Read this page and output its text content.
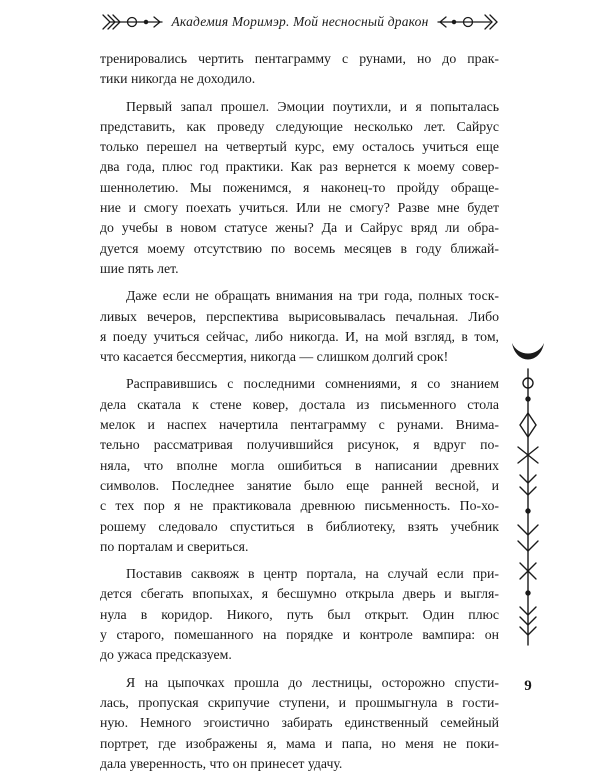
Академия Моримэр. Мой несносный дракон

тренировались чертить пентаграмму с рунами, но до прак-
тики никогда не доходило.

Первый запал прошел. Эмоции поутихли, и я попыталась
представить, как проведу следующие несколько лет. Сайрус
только перешел на четвертый курс, ему осталось учиться еще
два года, плюс год практики. Как раз вернется к моему совер-
шеннолетию. Мы поженимся, я наконец-то пройду обраще-
ние и смогу поехать учиться. Или не смогу? Разве мне будет
до учебы в новом статусе жены? Да и Сайрус вряд ли обра-
дуется моему отсутствию по восемь месяцев в году ближай-
шие пять лет.

Даже если не обращать внимания на три года, полных тоск-
ливых вечеров, перспектива вырисовывалась печальная. Либо
я поеду учиться сейчас, либо никогда. И, на мой взгляд, в том,
что касается бессмертия, никогда — слишком долгий срок!

Расправившись с последними сомнениями, я со знанием
дела скатала к стене ковер, достала из письменного стола
мелок и наспех начертила пентаграмму с рунами. Внима-
тельно рассматривая получившийся рисунок, я вдруг по-
няла, что вполне могла ошибиться в написании древних
символов. Последнее занятие было еще ранней весной, и
с тех пор я не практиковала древнюю письменность. По-хо-
рошему следовало спуститься в библиотеку, взять учебник
по порталам и свериться.

Поставив саквояж в центр портала, на случай если при-
дется сбегать впопыхах, я бесшумно открыла дверь и выгля-
нула в коридор. Никого, путь был открыт. Один плюс
у старого, помешанного на порядке и контроле вампира: он
до ужаса предсказуем.

Я на цыпочках прошла до лестницы, осторожно спусти-
лась, пропуская скрипучие ступени, и прошмыгнула в гости-
ную. Немного эгоистично забирать единственный семейный
портрет, где изображены я, мама и папа, но меня не поки-
дала уверенность, что он принесет удачу.

9
